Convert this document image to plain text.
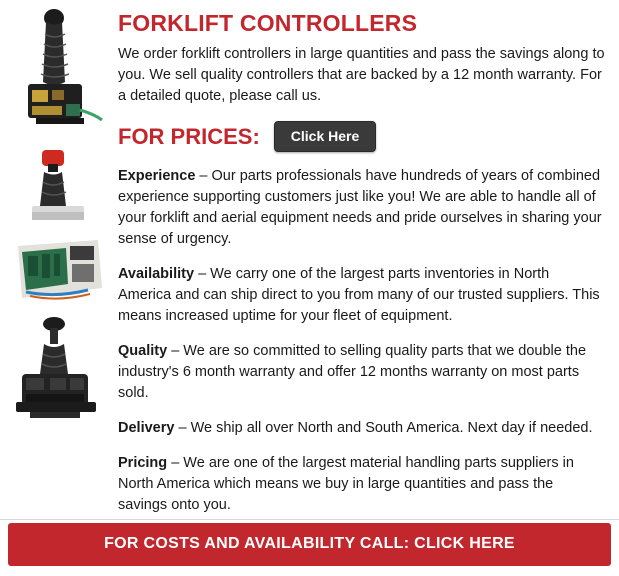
FORKLIFT CONTROLLERS

We order forklift controllers in large quantities and pass the savings along to you. We sell quality controllers that are backed by a 12 month warranty. For a detailed quote, please call us.

FOR PRICES:	Click Here

Experience – Our parts professionals have hundreds of years of combined experience supporting customers just like you! We are able to handle all of your forklift and aerial equipment needs and pride ourselves in sharing your sense of urgency.

Availability – We carry one of the largest parts inventories in North America and can ship direct to you from many of our trusted suppliers. This means increased uptime for your fleet of equipment.

Quality – We are so committed to selling quality parts that we double the industry's 6 month warranty and offer 12 months warranty on most parts sold.

Delivery – We ship all over North and South America. Next day if needed.

Pricing – We are one of the largest material handling parts suppliers in North America which means we buy in large quantities and pass the savings onto you.

FOR COSTS AND AVAILABILITY CALL: CLICK HERE
